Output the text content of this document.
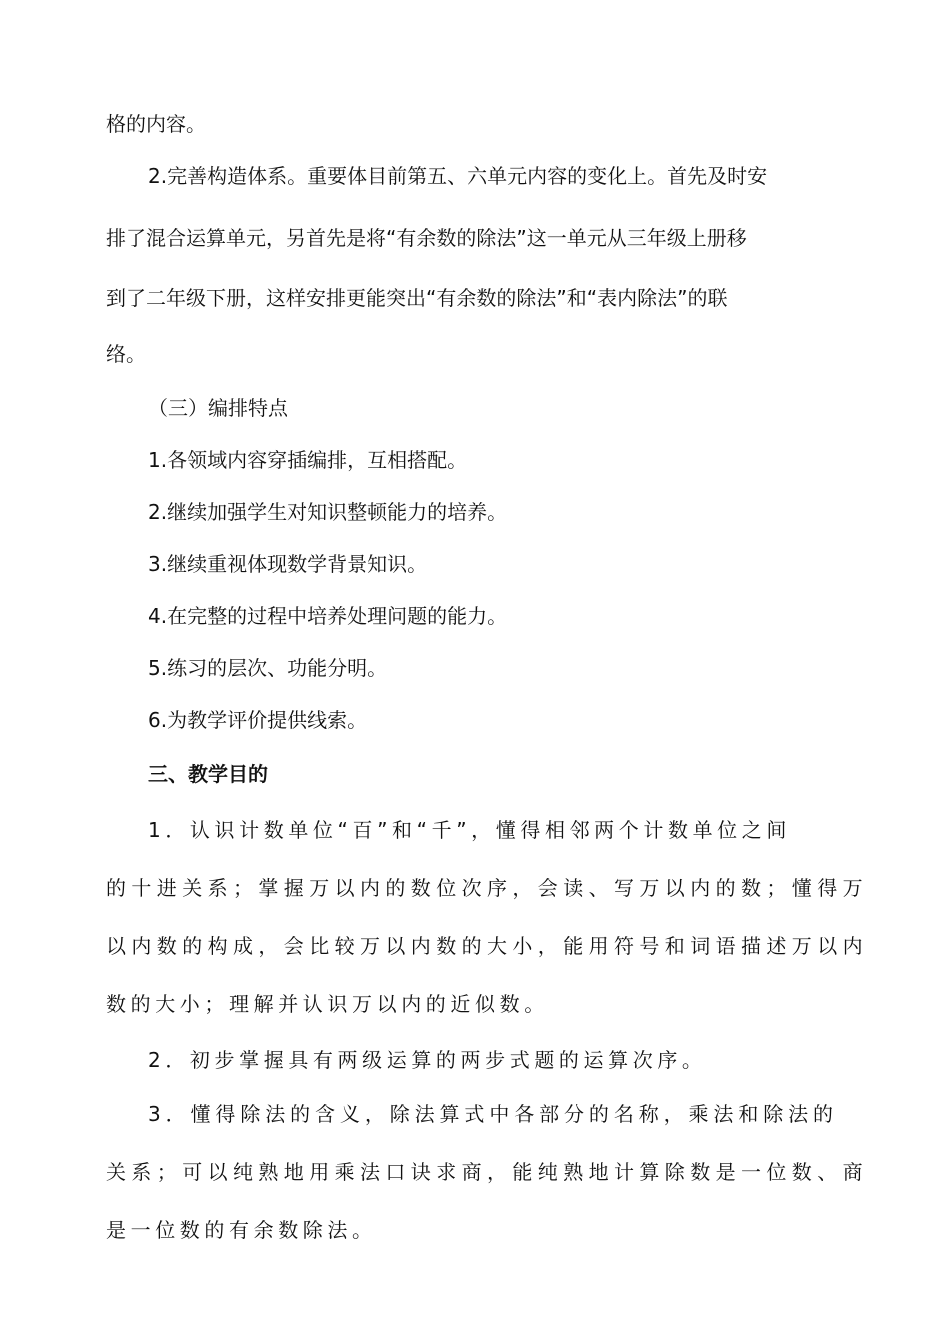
格的内容。
2.完善构造体系。重要体目前第五、六单元内容的变化上。首先及时安
排了混合运算单元，另首先是将“有余数的除法”这一单元从三年级上册移
到了二年级下册，这样安排更能突出“有余数的除法”和“表内除法”的联
络。
（三）编排特点
1.各领域内容穿插编排，互相搭配。
2.继续加强学生对知识整顿能力的培养。
3.继续重视体现数学背景知识。
4.在完整的过程中培养处理问题的能力。
5.练习的层次、功能分明。
6.为教学评价提供线索。
三、教学目的
1．认识计数单位“百”和“千”，懂得相邻两个计数单位之间
的十进关系；掌握万以内的数位次序，会读、写万以内的数；懂得万
以内数的构成，会比较万以内数的大小，能用符号和词语描述万以内
数的大小；理解并认识万以内的近似数。
2．初步掌握具有两级运算的两步式题的运算次序。
3．懂得除法的含义，除法算式中各部分的名称，乘法和除法的
关系；可以纯熟地用乘法口诀求商，能纯熟地计算除数是一位数、商
是一位数的有余数除法。
